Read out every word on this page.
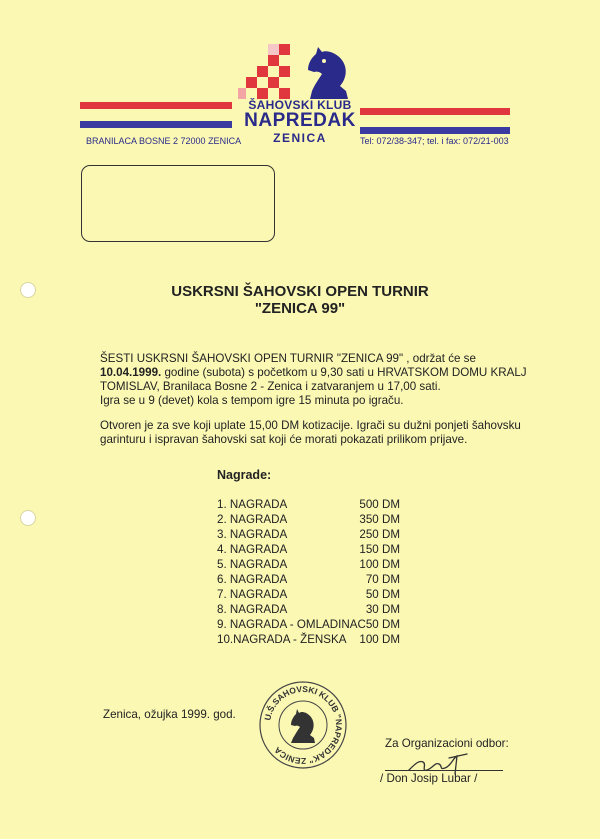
ŠAHOVSKI KLUB
NAPREDAK
ZENICA
BRANILACA BOSNE 2 72000 ZENICA	Tel: 072/38-347; tel. i fax: 072/21-003
USKRSNI ŠAHOVSKI OPEN TURNIR
"ZENICA 99"
ŠESTI USKRSNI ŠAHOVSKI OPEN TURNIR "ZENICA 99" , održat će se
10.04.1999. godine (subota) s početkom u 9,30 sati u HRVATSKOM DOMU KRALJ
TOMISLAV, Branilaca Bosne 2 - Zenica i zatvaranjem u 17,00 sati.
Igra se u 9 (devet) kola s tempom igre 15 minuta po igraču.
Otvoren je za sve koji uplate 15,00 DM kotizacije. Igrači su dužni ponjeti šahovsku
garinturu i ispravan šahovski sat koji će morati pokazati prilikom prijave.
Nagrade:
1. NAGRADA	500 DM
2. NAGRADA	350 DM
3. NAGRADA	250 DM
4. NAGRADA	150 DM
5. NAGRADA	100 DM
6. NAGRADA	70 DM
7. NAGRADA	50 DM
8. NAGRADA	30 DM
9. NAGRADA - OMLADINAC 50 DM
10.NAGRADA - ŽENSKA	100 DM
Zenica, ožujka 1999. god.	U.Š.SAHOVSKI KLUB "NAPREDAK" ZENICA
Za Organizacioni odbor:
/ Don Josip Lubar /
